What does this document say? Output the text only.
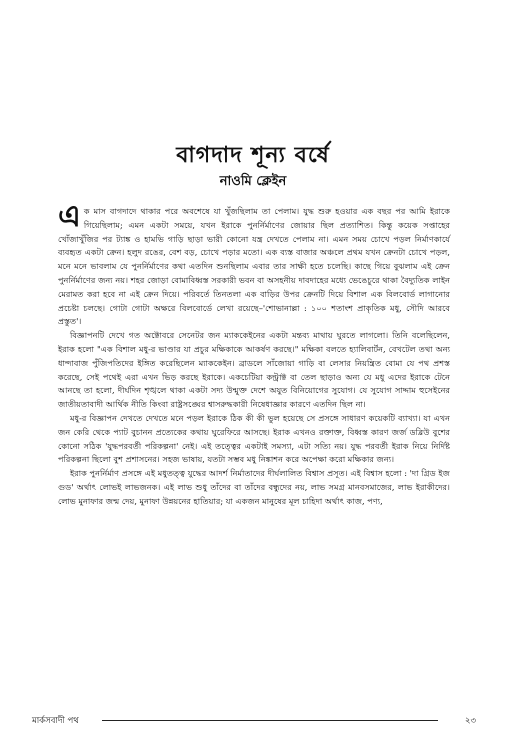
বাগদাদ শূন্য বর্ষে
নাওমি ক্লেইন

এক মাস বাগদাদে থাকার পরে অবশেষে যা খুঁজছিলাম তা পেলাম। যুদ্ধ শুরু হওয়ার এক বছর পর আমি ইরাকে গিয়েছিলাম; এমন একটা সময়ে, যখন ইরাকে পুনর্নির্মাণের জোয়ার ছিল প্রত্যাশিত। কিন্তু কয়েক সপ্তাহের খোঁজাখুঁজির পর ট্যাঙ্ক ও হামভি গাড়ি ছাড়া ভারী কোনো যন্ত্র দেখতে পেলাম না। এমন সময় চোখে পড়ল নির্মাণকার্যে ব্যবহৃত একটা ক্রেন। হলুদ রঙের, বেশ বড়, চোখে পড়ার মতো। এক ব্যস্ত বাজার অঞ্চলে প্রথম যখন ক্রেনটা চোখে পড়ল, মনে মনে ভাবলাম যে পুনর্নির্মাণের কথা এতদিন শুনছিলাম এবার তার সাক্ষী হতে চলেছি। কাছে গিয়ে বুঝলাম এই ক্রেন পুনর্নির্মাণের জন্য নয়। শহর জোড়া বোমাবিধ্বস্ত সরকারী ভবন বা অসহনীয় দাবদাহের মধ্যে ভেঙেচুরে থাকা বৈদ্যুতিক লাইন মেরামত করা হবে না এই ক্রেন দিয়ে। পরিবর্তে তিনতলা এক বাড়ির উপর ক্রেনটি দিয়ে বিশাল এক বিলবোর্ড লাগানোর প্রচেষ্টা চলছে। গোটা গোটা অক্ষরে বিলবোর্ডে লেখা রয়েছে–'শোভানাল্লা : ১০০ শতাংশ প্রাকৃতিক মধু, সৌদি আরবে প্রস্তুত'।

বিজ্ঞাপনটি দেখে গত অক্টোবরে সেনেটর জন ম্যাককেইনের একটা মন্তব্য মাথায় ঘুরতে লাগলো। তিনি বলেছিলেন, ইরাক হলো "এক বিশাল মধু-র ভাণ্ডার যা প্রচুর মক্ষিকাকে আকর্ষণ করছে।" মক্ষিকা বলতে হ্যালিবার্টন, বেখটেল তথা অন্য ধান্দাবাজ পুঁজিপতিদের ইঙ্গিত করেছিলেন ম্যাককেইন। ব্রাডলে সাঁজোয়া গাড়ি বা লেসার নিয়ন্ত্রিত বোমা যে পথ প্রশস্ত করেছে, সেই পথেই এরা এখন ভিড় করছে ইরাকে। একচেটিয়া কন্ট্রাক্ট বা তেল ছাড়াও অন্য যে মধু এদের ইরাকে টেনে আনছে তা হলো, দীর্ঘদিন শৃঙ্খলে থাকা একটা সদ্য উন্মুক্ত দেশে অযুত বিনিয়োগের সুযোগ। যে সুযোগ সাদ্দাম হুসেইনের জাতীয়তাবাদী আর্থিক নীতি কিংবা রাষ্ট্রসঙ্ঘের শ্বাসরুদ্ধকারী নিষেধাজ্ঞার কারণে এতদিন ছিল না।

মধু-র বিজ্ঞাপন দেখতে দেখতে মনে পড়ল ইরাকে ঠিক কী কী ভুল হয়েছে সে প্রসঙ্গে সাধারণ কয়েকটি ব্যাখ্যা। যা এখন জন কেরি থেকে প্যাট বুচানন প্রত্যেকের কথায় ঘুরেফিরে আসছে। ইরাক এখনও রক্তাক্ত, বিধ্বস্ত কারণ জর্জ ডব্লিউ বুশের কোনো সঠিক 'যুদ্ধপরবর্তী পরিকল্পনা' নেই। এই তত্ত্বের একটাই সমস্যা, এটা সত্যি নয়। যুদ্ধ পরবর্তী ইরাক নিয়ে নির্দিষ্ট পরিকল্পনা ছিলো বুশ প্রশাসনের। সহজ ভাষায়, যতটা সম্ভব মধু নিঙ্কাশন করে অপেক্ষা করো মক্ষিকার জন্য।

ইরাক পুনর্নির্মাণ প্রসঙ্গে এই মধুতত্ত্ব যুদ্ধের আদর্শ নির্মাতাদের দীর্ঘলালিত বিশ্বাস প্রসূত। এই বিশ্বাস হলো : 'দা গ্রিড ইজ গুড' অর্থাৎ লোভই লাভজনক। এই লাভ শুধু তাঁদের বা তাঁদের বন্ধুদের নয়, লাভ সমগ্র মানবসমাজের, লাভ ইরাকীদের। লোভ মুনাফার জন্ম দেয়, মুনাফা উন্নয়নের হাতিয়ার; যা একজন মানুষের মূল চাহিদা অর্থাৎ কাজ, পণ্য,

মার্কসবাদী পথ	২৩
